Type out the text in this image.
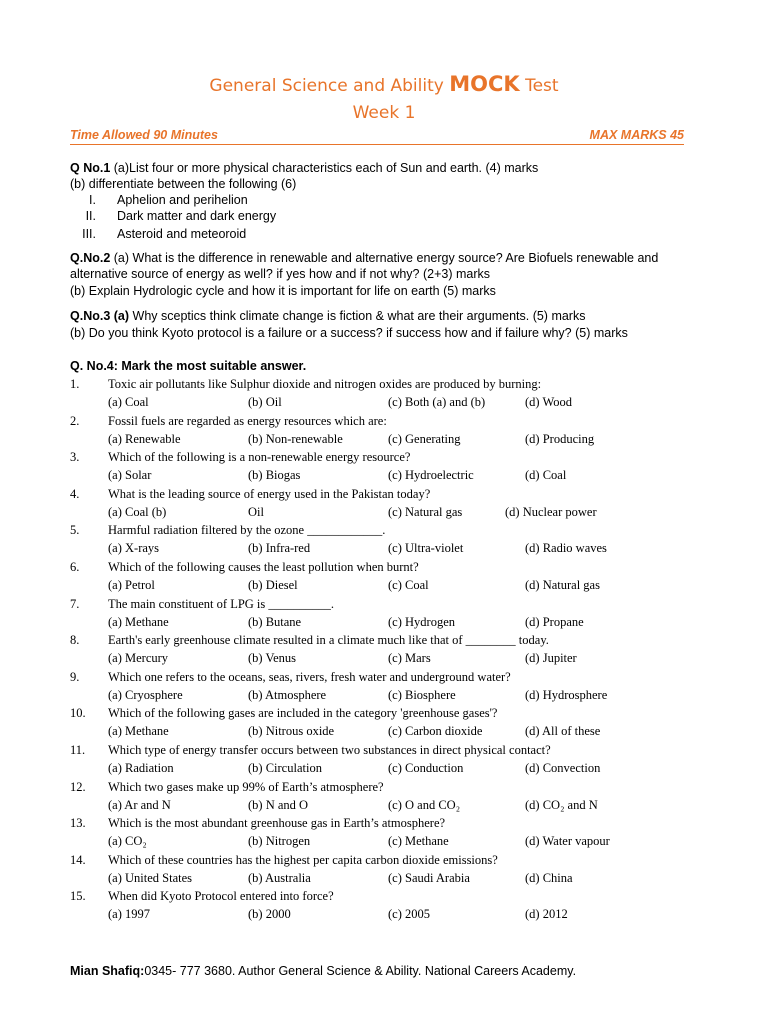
General Science and Ability MOCK Test
Week 1
Time Allowed 90 Minutes	MAX MARKS 45
Q No.1 (a)List four or more physical characteristics each of Sun and earth. (4) marks
(b) differentiate between the following (6)
I. Aphelion and perihelion
II. Dark matter and dark energy
III. Asteroid and meteoroid
Q.No.2 (a) What is the difference in renewable and alternative energy source? Are Biofuels renewable and
alternative source of energy as well? if yes how and if not why? (2+3) marks
(b) Explain Hydrologic cycle and how it is important for life on earth (5) marks
Q.No.3 (a) Why sceptics think climate change is fiction & what are their arguments. (5) marks
(b) Do you think Kyoto protocol is a failure or a success? if success how and if failure why? (5) marks
Q. No.4: Mark the most suitable answer.
1. Toxic air pollutants like Sulphur dioxide and nitrogen oxides are produced by burning:
(a) Coal	(b) Oil	(c) Both (a) and (b)	(d) Wood
2. Fossil fuels are regarded as energy resources which are:
(a) Renewable	(b) Non-renewable	(c) Generating	(d) Producing
3. Which of the following is a non-renewable energy resource?
(a) Solar	(b) Biogas	(c) Hydroelectric	(d) Coal
4. What is the leading source of energy used in the Pakistan today?
(a) Coal (b)	Oil	(c) Natural gas	(d) Nuclear power
5. Harmful radiation filtered by the ozone ____________.
(a) X-rays	(b) Infra-red	(c) Ultra-violet	(d) Radio waves
6. Which of the following causes the least pollution when burnt?
(a) Petrol	(b) Diesel	(c) Coal	(d) Natural gas
7. The main constituent of LPG is __________.
(a) Methane	(b) Butane	(c) Hydrogen	(d) Propane
8. Earth's early greenhouse climate resulted in a climate much like that of ________ today.
(a) Mercury	(b) Venus	(c) Mars	(d) Jupiter
9. Which one refers to the oceans, seas, rivers, fresh water and underground water?
(a) Cryosphere	(b) Atmosphere	(c) Biosphere	(d) Hydrosphere
10. Which of the following gases are included in the category 'greenhouse gases'?
(a) Methane	(b) Nitrous oxide	(c) Carbon dioxide	(d) All of these
11. Which type of energy transfer occurs between two substances in direct physical contact?
(a) Radiation	(b) Circulation	(c) Conduction	(d) Convection
12. Which two gases make up 99% of Earth’s atmosphere?
(a) Ar and N	(b) N and O	(c) O and CO₂	(d) CO₂ and N
13. Which is the most abundant greenhouse gas in Earth’s atmosphere?
(a) CO₂	(b) Nitrogen	(c) Methane	(d) Water vapour
14. Which of these countries has the highest per capita carbon dioxide emissions?
(a) United States	(b) Australia	(c) Saudi Arabia	(d) China
15. When did Kyoto Protocol entered into force?
(a) 1997	(b) 2000	(c) 2005	(d) 2012
Mian Shafiq:0345- 777 3680. Author General Science & Ability. National Careers Academy.
